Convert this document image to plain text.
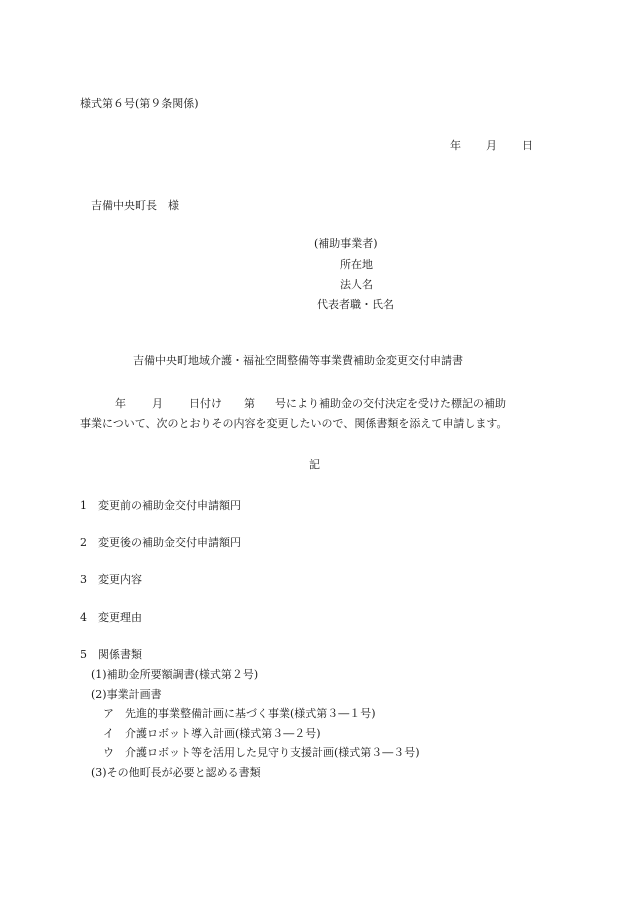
様式第６号(第９条関係)
年 月 日
吉備中央町長　様
(補助事業者)
所在地
法人名
代表者職・氏名
吉備中央町地域介護・福祉空間整備等事業費補助金変更交付申請書
年 月 日付け 第 号により補助金の交付決定を受けた標記の補助
事業について、次のとおりその内容を変更したいので、関係書類を添えて申請します。
記
1　変更前の補助金交付申請額円
2　変更後の補助金交付申請額円
3　変更内容
4　変更理由
5　関係書類
(1)補助金所要額調書(様式第２号)
(2)事業計画書
ア　先進的事業整備計画に基づく事業(様式第３―１号)
イ　介護ロボット導入計画(様式第３―２号)
ウ　介護ロボット等を活用した見守り支援計画(様式第３―３号)
(3)その他町長が必要と認める書類
